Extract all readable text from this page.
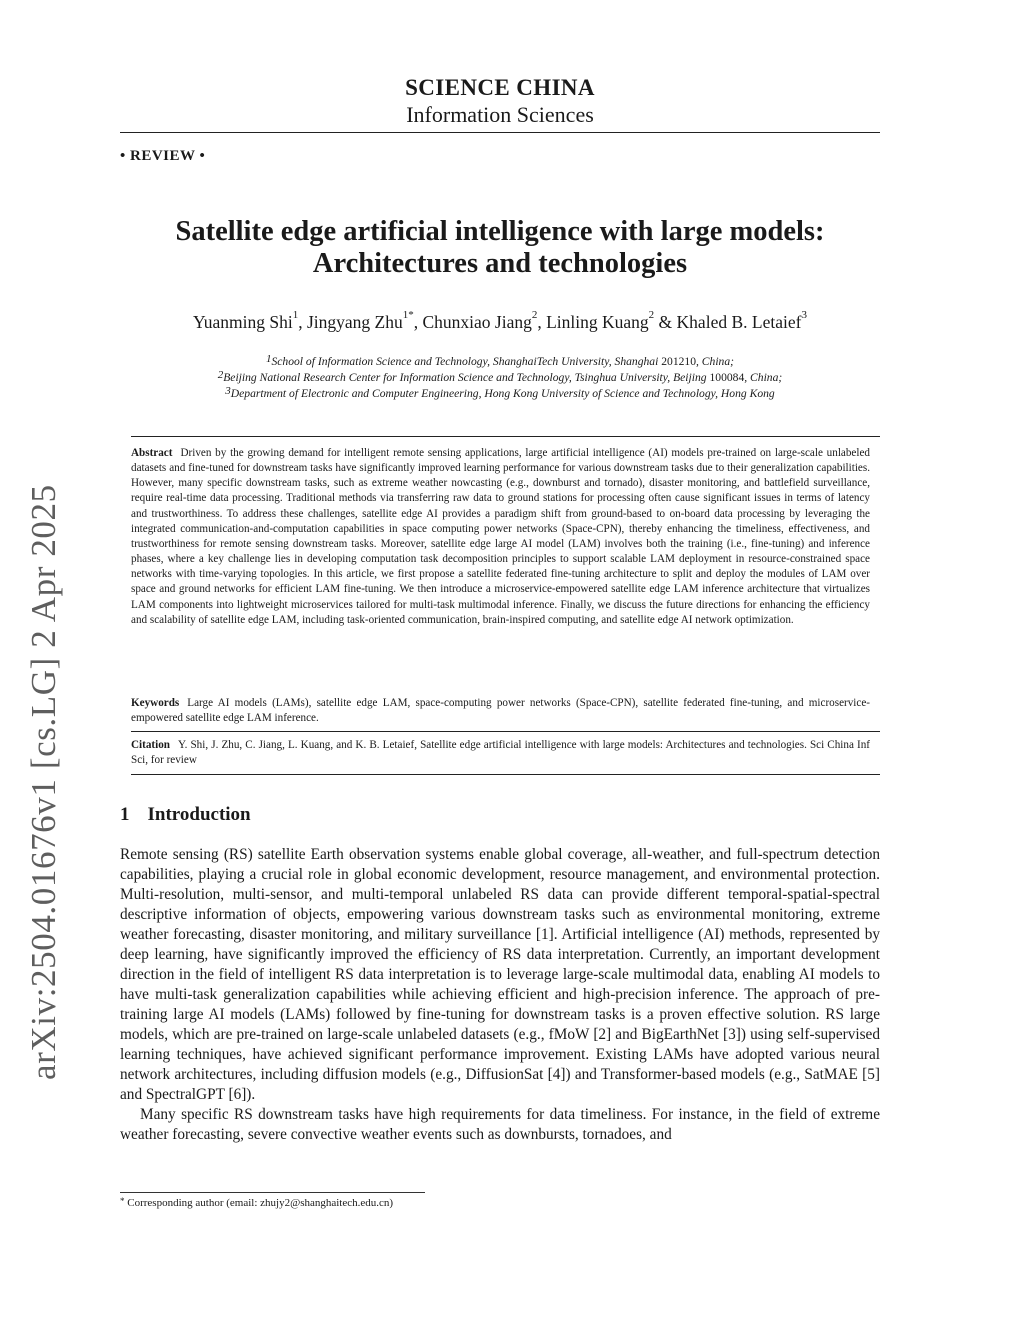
arXiv:2504.01676v1 [cs.LG] 2 Apr 2025
SCIENCE CHINA
Information Sciences
• REVIEW •
Satellite edge artificial intelligence with large models:
Architectures and technologies
Yuanming Shi$^1$, Jingyang Zhu$^{1*}$, Chunxiao Jiang$^2$, Linling Kuang$^2$ & Khaled B. Letaief$^3$
$^1$School of Information Science and Technology, ShanghaiTech University, Shanghai 201210, China;
$^2$Beijing National Research Center for Information Science and Technology, Tsinghua University, Beijing 100084, China;
$^3$Department of Electronic and Computer Engineering, Hong Kong University of Science and Technology, Hong Kong
Abstract Driven by the growing demand for intelligent remote sensing applications, large artificial intelligence (AI) models pre-trained on large-scale unlabeled datasets and fine-tuned for downstream tasks have significantly improved learning performance for various downstream tasks due to their generalization capabilities. However, many specific downstream tasks, such as extreme weather nowcasting (e.g., downburst and tornado), disaster monitoring, and battlefield surveillance, require real-time data processing. Traditional methods via transferring raw data to ground stations for processing often cause significant issues in terms of latency and trustworthiness. To address these challenges, satellite edge AI provides a paradigm shift from ground-based to on-board data processing by leveraging the integrated communication-and-computation capabilities in space computing power networks (Space-CPN), thereby enhancing the timeliness, effectiveness, and trustworthiness for remote sensing downstream tasks. Moreover, satellite edge large AI model (LAM) involves both the training (i.e., fine-tuning) and inference phases, where a key challenge lies in developing computation task decomposition principles to support scalable LAM deployment in resource-constrained space networks with time-varying topologies. In this article, we first propose a satellite federated fine-tuning architecture to split and deploy the modules of LAM over space and ground networks for efficient LAM fine-tuning. We then introduce a microservice-empowered satellite edge LAM inference architecture that virtualizes LAM components into lightweight microservices tailored for multi-task multimodal inference. Finally, we discuss the future directions for enhancing the efficiency and scalability of satellite edge LAM, including task-oriented communication, brain-inspired computing, and satellite edge AI network optimization.
Keywords Large AI models (LAMs), satellite edge LAM, space-computing power networks (Space-CPN), satellite federated fine-tuning, and microservice-empowered satellite edge LAM inference.
Citation Y. Shi, J. Zhu, C. Jiang, L. Kuang, and K. B. Letaief, Satellite edge artificial intelligence with large models: Architectures and technologies. Sci China Inf Sci, for review
1 Introduction

Remote sensing (RS) satellite Earth observation systems enable global coverage, all-weather, and full-spectrum detection capabilities, playing a crucial role in global economic development, resource management, and environmental protection. Multi-resolution, multi-sensor, and multi-temporal unlabeled RS data can provide different temporal-spatial-spectral descriptive information of objects, empowering various downstream tasks such as environmental monitoring, extreme weather forecasting, disaster monitoring, and military surveillance [1]. Artificial intelligence (AI) methods, represented by deep learning, have significantly improved the efficiency of RS data interpretation. Currently, an important development direction in the field of intelligent RS data interpretation is to leverage large-scale multimodal data, enabling AI models to have multi-task generalization capabilities while achieving efficient and high-precision inference. The approach of pre-training large AI models (LAMs) followed by fine-tuning for downstream tasks is a proven effective solution. RS large models, which are pre-trained on large-scale unlabeled datasets (e.g., fMoW [2] and BigEarthNet [3]) using self-supervised learning techniques, have achieved significant performance improvement. Existing LAMs have adopted various neural network architectures, including diffusion models (e.g., DiffusionSat [4]) and Transformer-based models (e.g., SatMAE [5] and SpectralGPT [6]).

Many specific RS downstream tasks have high requirements for data timeliness. For instance, in the field of extreme weather forecasting, severe convective weather events such as downbursts, tornadoes, and

* Corresponding author (email: zhujy2@shanghaitech.edu.cn)
